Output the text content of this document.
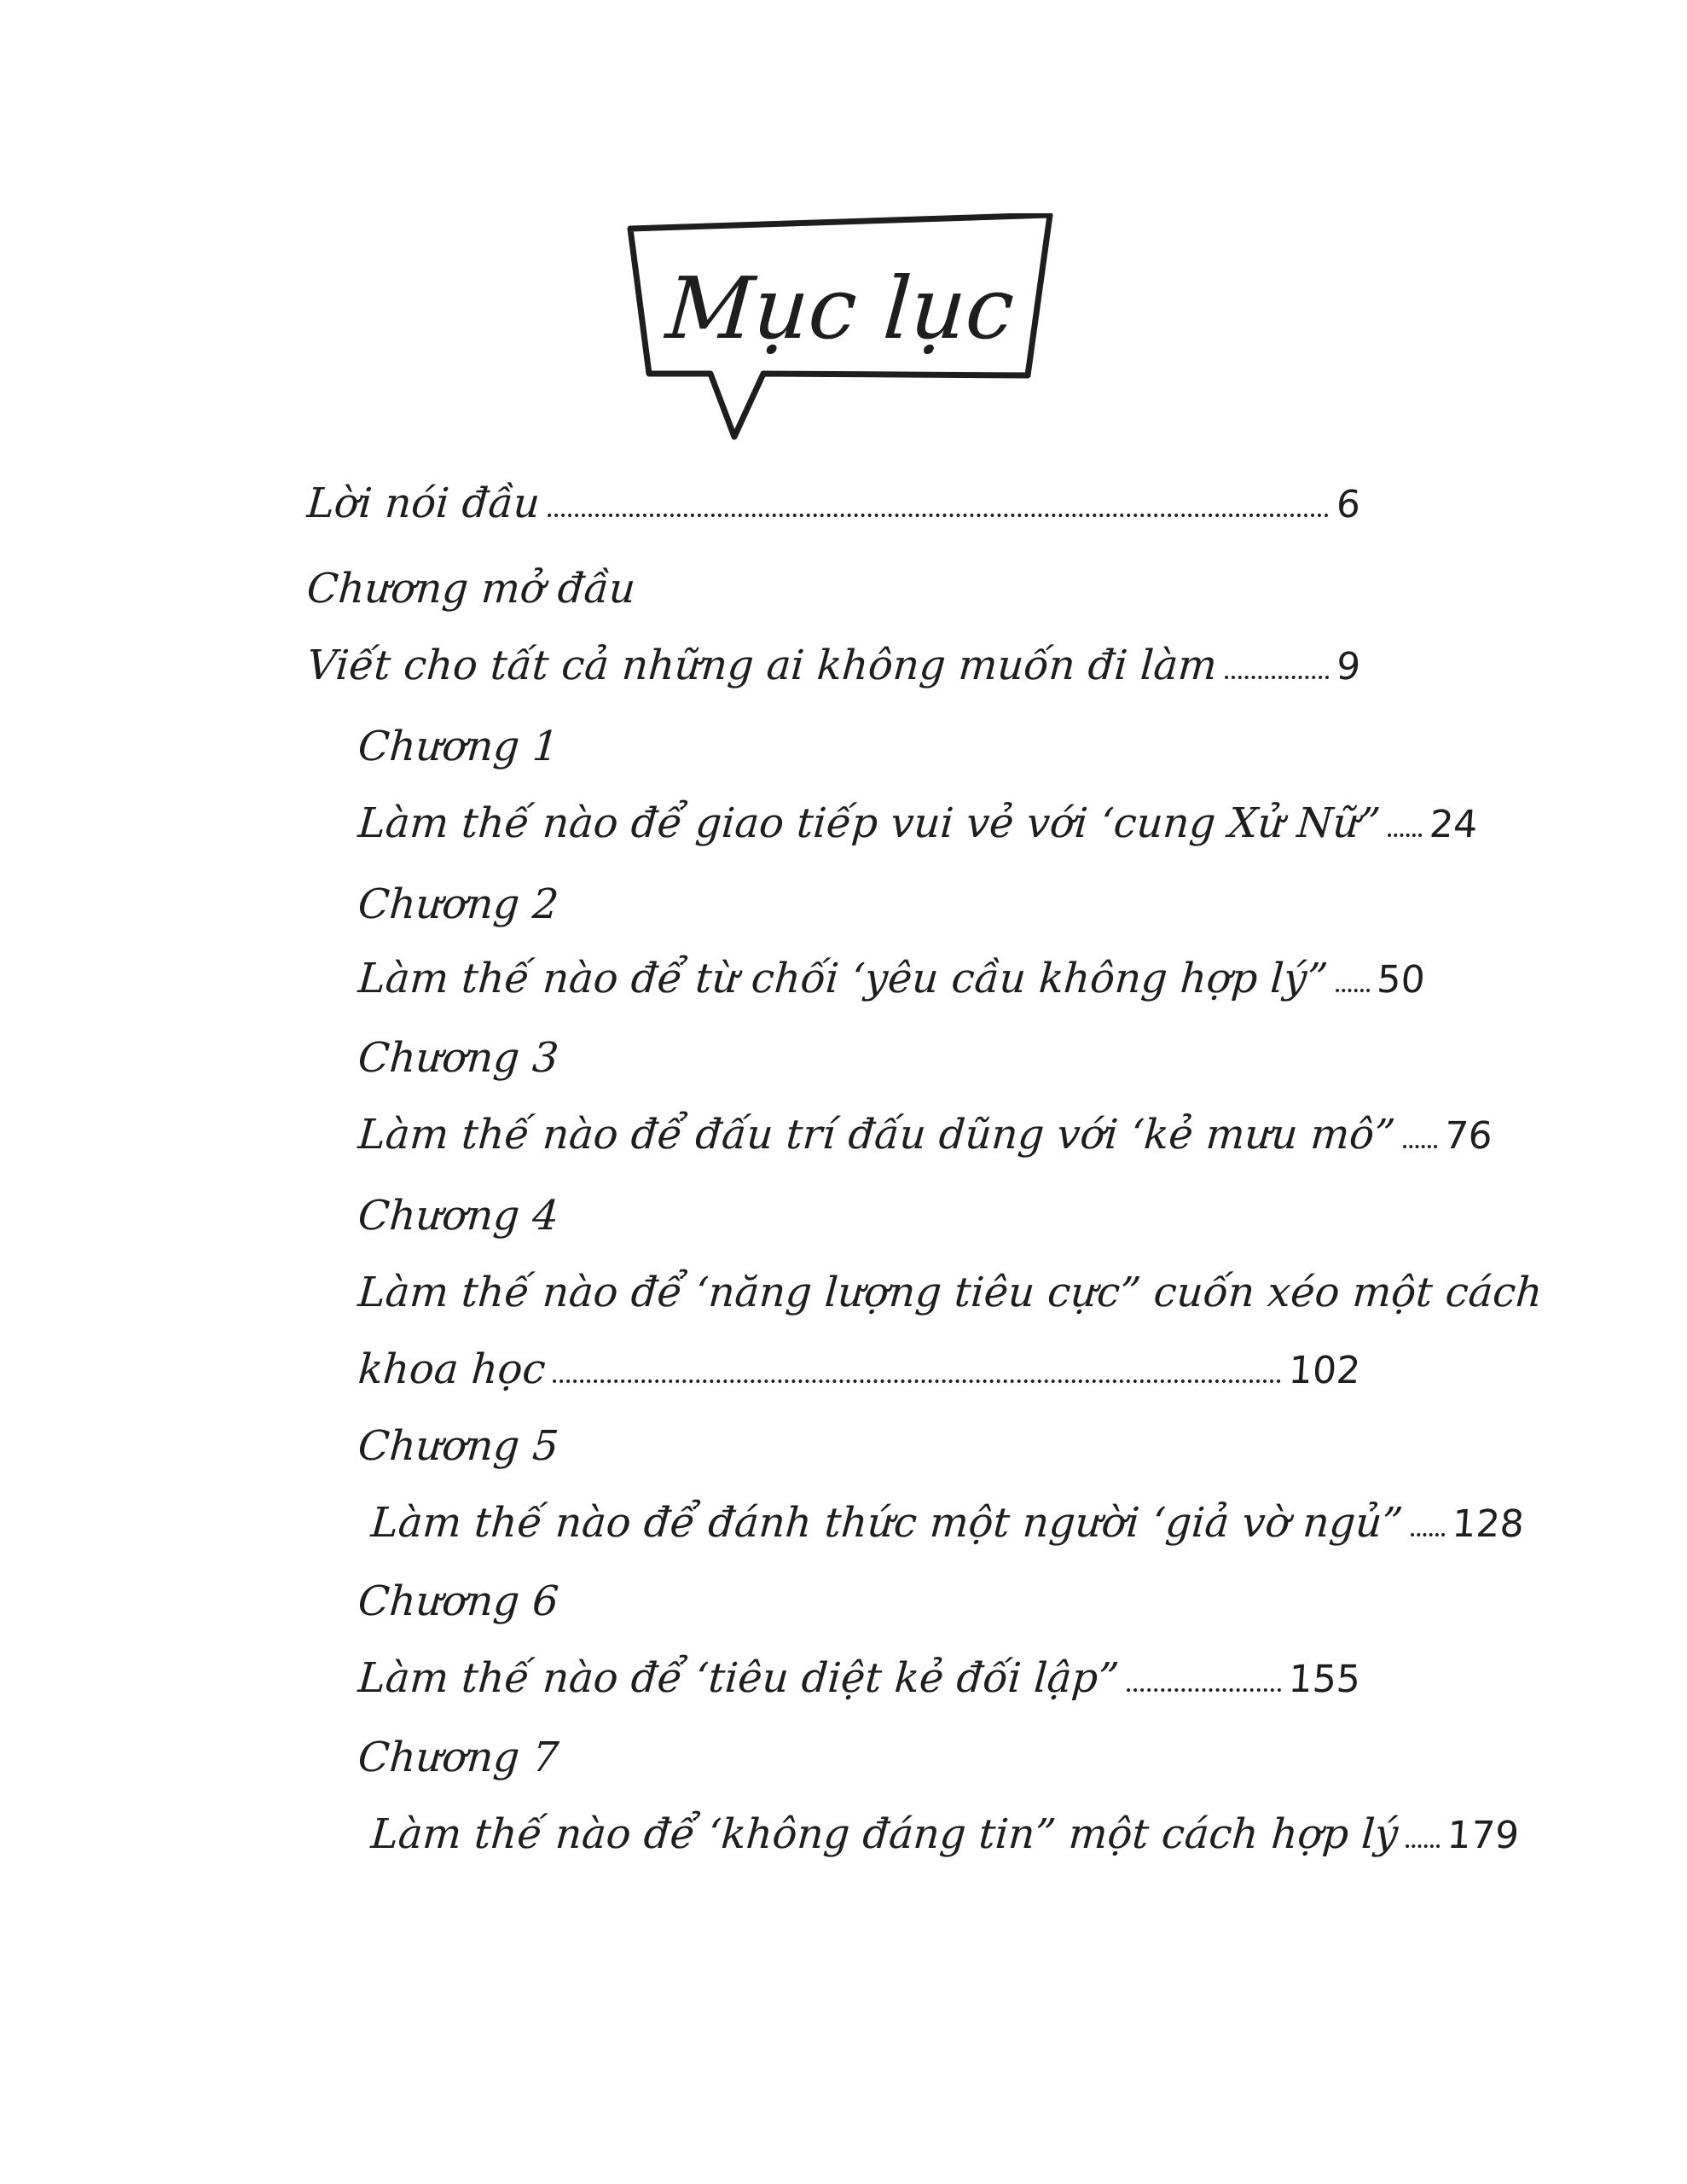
Mục lục
Lời nói đầu	6
Chương mở đầu
Viết cho tất cả những ai không muốn đi làm	9
Chương 1
Làm thế nào để giao tiếp vui vẻ với ‘cung Xử Nữ” 24
Chương 2
Làm thế nào để từ chối ‘yêu cầu không hợp lý” 50
Chương 3
Làm thế nào để đấu trí đấu dũng với ‘kẻ mưu mô” 76
Chương 4
Làm thế nào để ‘năng lượng tiêu cực” cuốn xéo một cách
khoa học	102
Chương 5
Làm thế nào để đánh thức một người ‘giả vờ ngủ” 128
Chương 6
Làm thế nào để ‘tiêu diệt kẻ đối lập”	155
Chương 7
Làm thế nào để ‘không đáng tin” một cách hợp lý 179
